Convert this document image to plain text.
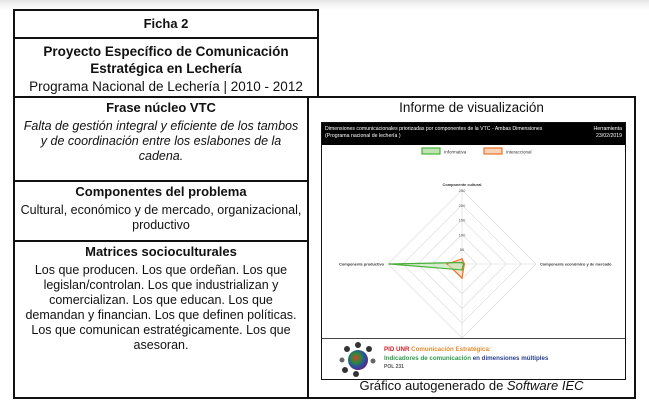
Ficha 2
Proyecto Específico de Comunicación Estratégica en Lechería
Programa Nacional de Lechería | 2010 - 2012
Frase núcleo VTC
Falta de gestión integral y eficiente de los tambos y de coordinación entre los eslabones de la cadena.
Componentes del problema
Cultural, económico y de mercado, organizacional, productivo
Matrices socioculturales
Los que producen. Los que ordeñan. Los que legislan/controlan. Los que industrializan y comercializan. Los que educan. Los que demandan y financian. Los que definen políticas. Los que comunican estratégicamente. Los que asesoran.
Informe de visualización
Dimensiones comunicacionales priorizadas por componentes de la VTC - Ambas Dimensiones
(Programa nacional de lechería )
Herramienta
23/02/2019
Informativa	Interaccional
50
100
150
200
250
Componente cultural
Componente económico y de mercado
Componente productivo
PID UNR Comunicación Estratégica:
Indicadores de comunicación en dimensiones múltiples
POL 231
Gráfico autogenerado de Software IEC
